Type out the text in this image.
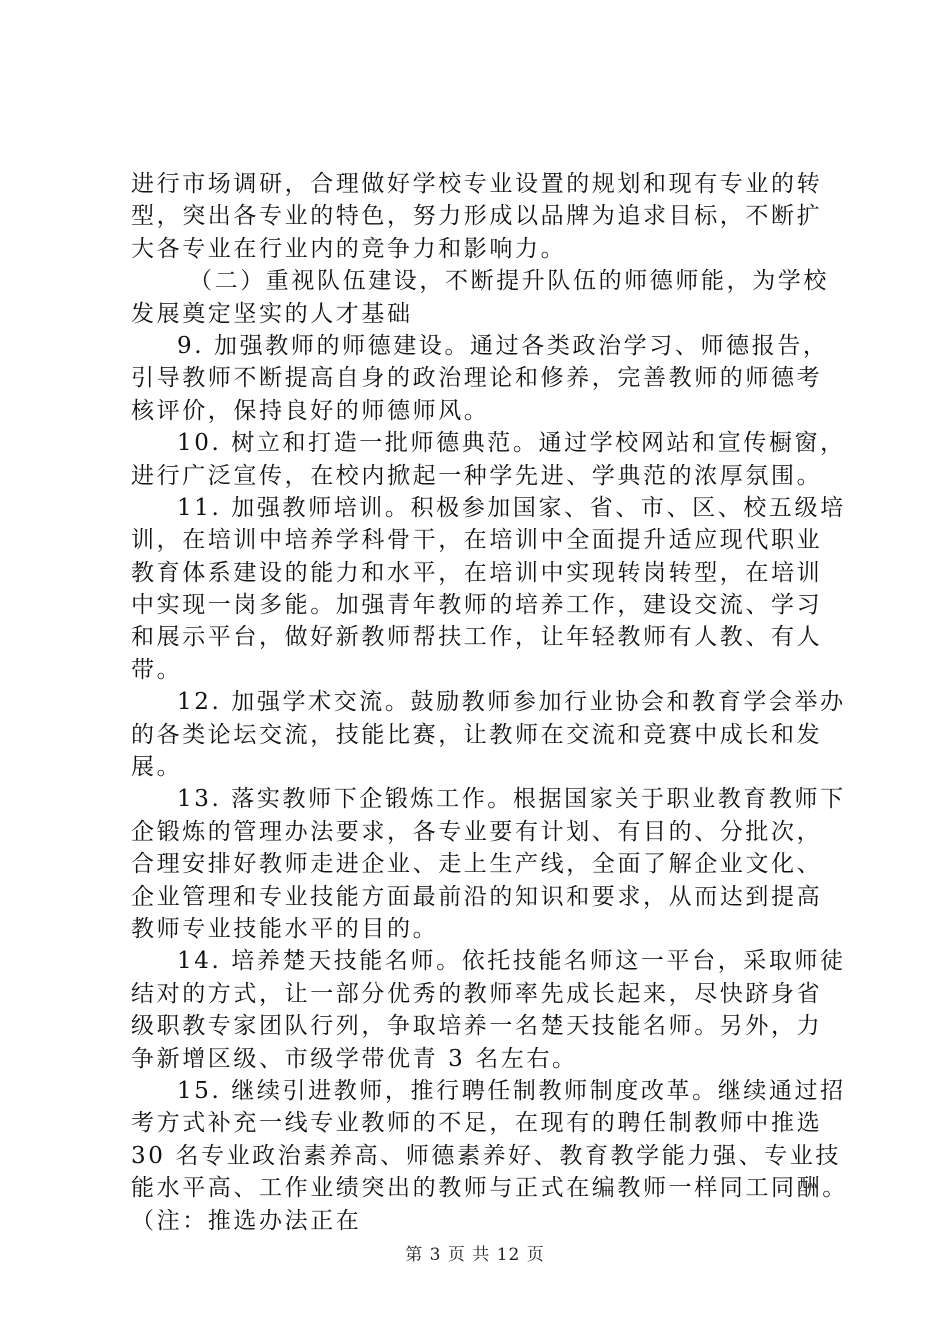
进行市场调研，合理做好学校专业设置的规划和现有专业的转
型，突出各专业的特色，努力形成以品牌为追求目标，不断扩
大各专业在行业内的竞争力和影响力。
（二）重视队伍建设，不断提升队伍的师德师能，为学校
发展奠定坚实的人才基础
9. 加强教师的师德建设。通过各类政治学习、师德报告，
引导教师不断提高自身的政治理论和修养，完善教师的师德考
核评价，保持良好的师德师风。
10. 树立和打造一批师德典范。通过学校网站和宣传橱窗，
进行广泛宣传，在校内掀起一种学先进、学典范的浓厚氛围。
11. 加强教师培训。积极参加国家、省、市、区、校五级培
训，在培训中培养学科骨干，在培训中全面提升适应现代职业
教育体系建设的能力和水平，在培训中实现转岗转型，在培训
中实现一岗多能。加强青年教师的培养工作，建设交流、学习
和展示平台，做好新教师帮扶工作，让年轻教师有人教、有人
带。
12. 加强学术交流。鼓励教师参加行业协会和教育学会举办
的各类论坛交流，技能比赛，让教师在交流和竞赛中成长和发
展。
13. 落实教师下企锻炼工作。根据国家关于职业教育教师下
企锻炼的管理办法要求，各专业要有计划、有目的、分批次，
合理安排好教师走进企业、走上生产线，全面了解企业文化、
企业管理和专业技能方面最前沿的知识和要求，从而达到提高
教师专业技能水平的目的。
14. 培养楚天技能名师。依托技能名师这一平台，采取师徒
结对的方式，让一部分优秀的教师率先成长起来，尽快跻身省
级职教专家团队行列，争取培养一名楚天技能名师。另外，力
争新增区级、市级学带优青 3 名左右。
15. 继续引进教师，推行聘任制教师制度改革。继续通过招
考方式补充一线专业教师的不足，在现有的聘任制教师中推选
30 名专业政治素养高、师德素养好、教育教学能力强、专业技
能水平高、工作业绩突出的教师与正式在编教师一样同工同酬。
（注：推选办法正在
第 3 页 共 12 页
